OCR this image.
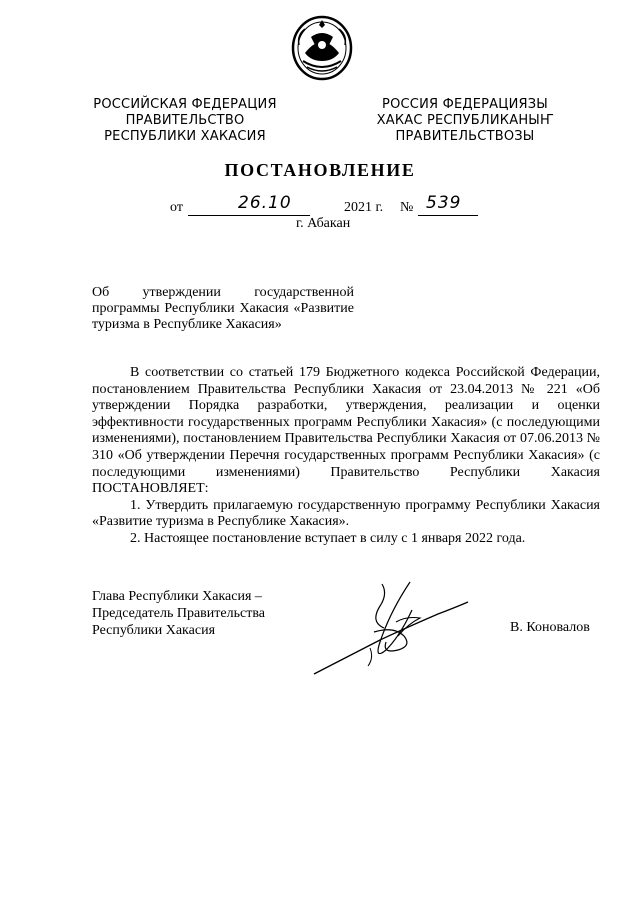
РОССИЙСКАЯ ФЕДЕРАЦИЯ
ПРАВИТЕЛЬСТВО
РЕСПУБЛИКИ ХАКАСИЯ
РОССИЯ ФЕДЕРАЦИЯЗЫ
ХАКАС РЕСПУБЛИКАНЫҤ
ПРАВИТЕЛЬСТВОЗЫ
ПОСТАНОВЛЕНИЕ
от	26.10	2021 г. № 539
г. Абакан

Об утверждении государственной

программы Республики Хакасия «Развитие

туризма в Республике Хакасия»

В соответствии со статьей 179 Бюджетного кодекса Российской Федерации, постановлением Правительства Республики Хакасия от 23.04.2013 № 221 «Об утверждении Порядка разработки, утверждения, реализации и оценки эффективности государственных программ Республики Хакасия» (с последующими изменениями), постановлением Правительства Республики Хакасия от 07.06.2013 № 310 «Об утверждении Перечня государственных программ Республики Хакасия» (с последующими изменениями) Правительство Республики Хакасия ПОСТАНОВЛЯЕТ:

1. Утвердить прилагаемую государственную программу Республики Хакасия «Развитие туризма в Республике Хакасия».

2. Настоящее постановление вступает в силу с 1 января 2022 года.

Глава Республики Хакасия –
Председатель Правительства
Республики Хакасия	В. Коновалов
